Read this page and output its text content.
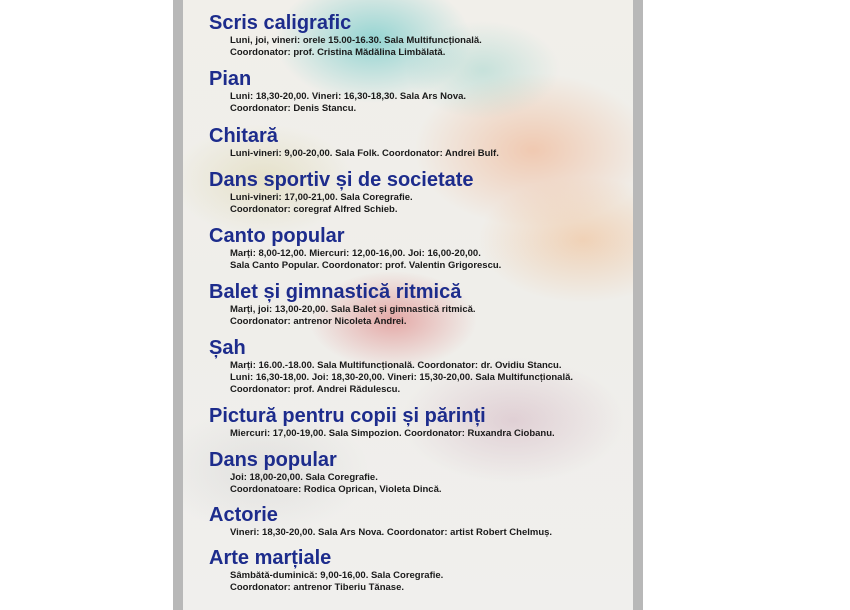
Scris caligrafic
Luni, joi, vineri: orele 15.00-16.30. Sala Multifuncțională.
Coordonator: prof. Cristina Mădălina Limbălată.
Pian
Luni: 18,30-20,00. Vineri: 16,30-18,30. Sala Ars Nova.
Coordonator: Denis Stancu.
Chitară
Luni-vineri: 9,00-20,00. Sala Folk. Coordonator: Andrei Bulf.
Dans sportiv și de societate
Luni-vineri: 17,00-21,00. Sala Coregrafie.
Coordonator: coregraf Alfred Schieb.
Canto popular
Marți: 8,00-12,00. Miercuri: 12,00-16,00. Joi: 16,00-20,00.
Sala Canto Popular. Coordonator: prof. Valentin Grigorescu.
Balet și gimnastică ritmică
Marți, joi: 13,00-20,00. Sala Balet și gimnastică ritmică.
Coordonator: antrenor Nicoleta Andrei.
Șah
Marți: 16.00.-18.00. Sala Multifuncțională. Coordonator: dr. Ovidiu Stancu.
Luni: 16,30-18,00. Joi: 18,30-20,00. Vineri: 15,30-20,00. Sala Multifuncțională.
Coordonator: prof. Andrei Rădulescu.
Pictură pentru copii și părinți
Miercuri: 17,00-19,00. Sala Simpozion. Coordonator: Ruxandra Ciobanu.
Dans popular
Joi: 18,00-20,00. Sala Coregrafie.
Coordonatoare: Rodica Oprican, Violeta Dincă.
Actorie
Vineri: 18,30-20,00. Sala Ars Nova. Coordonator: artist Robert Chelmuș.
Arte marțiale
Sâmbătă-duminică: 9,00-16,00. Sala Coregrafie.
Coordonator: antrenor Tiberiu Tănase.
